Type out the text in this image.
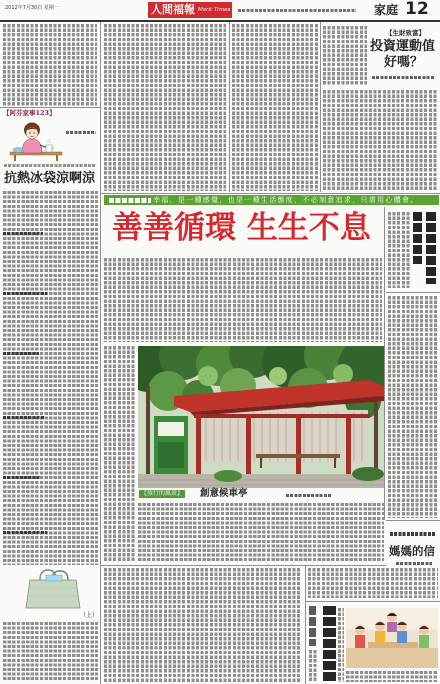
2012年7月30日 星期一	人間福報 Merit Times	家庭 12
【生財致富】
投資運動值
好嗎？
【阿芬家事123】
抗熱冰袋涼啊涼
（上）
幸福，是一種感覺，也是一種生活態度，不必刻意追求，只需用心體會。
善善循環 生生不息
【旅行的風景】 創意候車亭
媽媽的信
